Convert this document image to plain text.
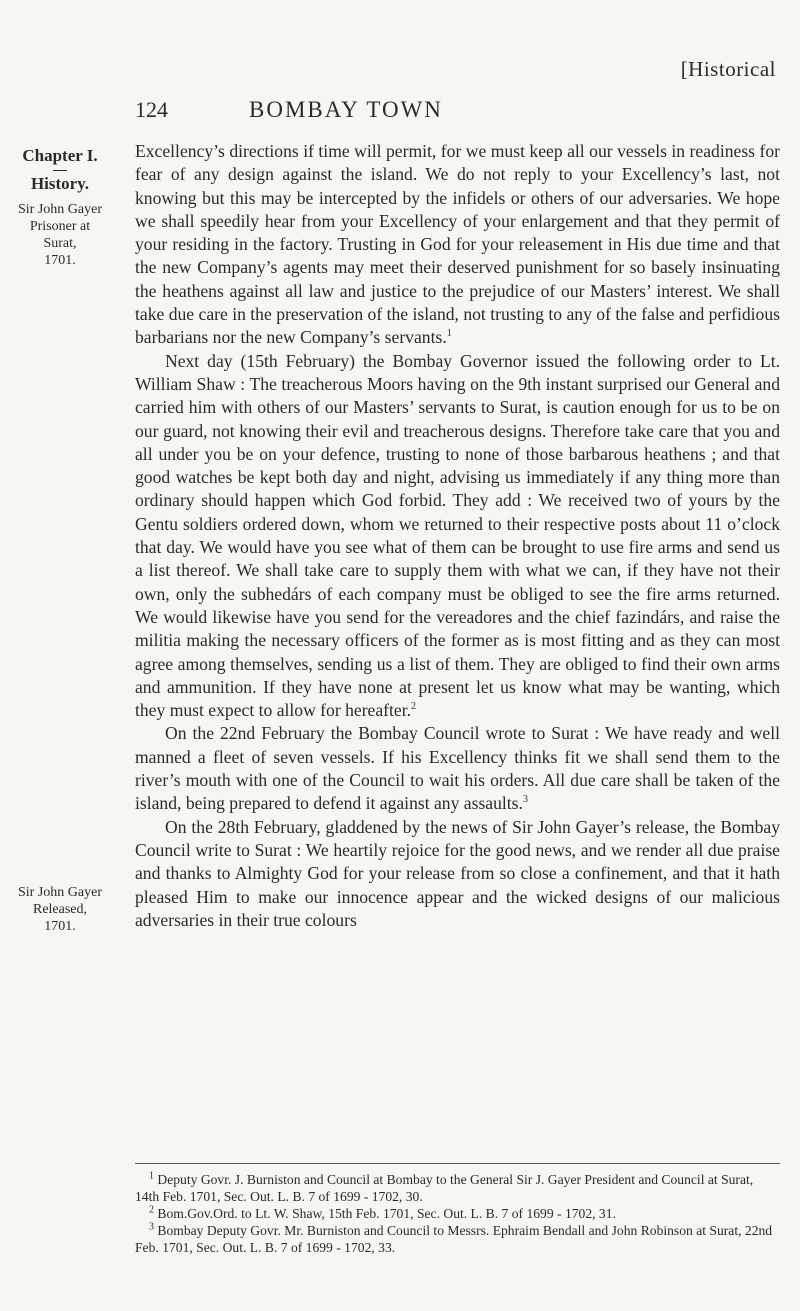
[Historical
124	BOMBAY TOWN
Chapter I.
History.
Sir John Gayer
Prisoner at
Surat,
1701.
Sir John Gayer
Released,
1701.

Excellency’s directions if time will permit, for we must keep all our vessels in readiness for fear of any design against the island. We do not reply to your Excellency’s last, not knowing but this may be intercepted by the infidels or others of our adversaries. We hope we shall speedily hear from your Excellency of your enlargement and that they permit of your residing in the factory. Trusting in God for your releasement in His due time and that the new Company’s agents may meet their deserved punishment for so basely insinuating the heathens against all law and justice to the prejudice of our Masters’ interest. We shall take due care in the preservation of the island, not trusting to any of the false and perfidious barbarians nor the new Company’s servants.$^1$

Next day (15th February) the Bombay Governor issued the following order to Lt. William Shaw : The treacherous Moors having on the 9th instant surprised our General and carried him with others of our Masters’ servants to Surat, is caution enough for us to be on our guard, not knowing their evil and treacherous designs. Therefore take care that you and all under you be on your defence, trusting to none of those barbarous heathens ; and that good watches be kept both day and night, advising us immediately if any thing more than ordinary should happen which God forbid. They add : We received two of yours by the Gentu soldiers ordered down, whom we returned to their respective posts about 11 o’clock that day. We would have you see what of them can be brought to use fire arms and send us a list thereof. We shall take care to supply them with what we can, if they have not their own, only the subhedárs of each company must be obliged to see the fire arms returned. We would likewise have you send for the vereadores and the chief fazindárs, and raise the militia making the necessary officers of the former as is most fitting and as they can most agree among themselves, sending us a list of them. They are obliged to find their own arms and ammunition. If they have none at present let us know what may be wanting, which they must expect to allow for hereafter.$^2$

On the 22nd February the Bombay Council wrote to Surat : We have ready and well manned a fleet of seven vessels. If his Excellency thinks fit we shall send them to the river’s mouth with one of the Council to wait his orders. All due care shall be taken of the island, being prepared to defend it against any assaults.$^3$

On the 28th February, gladdened by the news of Sir John Gayer’s release, the Bombay Council write to Surat : We heartily rejoice for the good news, and we render all due praise and thanks to Almighty God for your release from so close a confinement, and that it hath pleased Him to make our innocence appear and the wicked designs of our malicious adversaries in their true colours

$^1$ Deputy Govr. J. Burniston and Council at Bombay to the General Sir J. Gayer President and Council at Surat, 14th Feb. 1701, Sec. Out. L. B. 7 of 1699 - 1702, 30.
$^2$ Bom.Gov.Ord. to Lt. W. Shaw, 15th Feb. 1701, Sec. Out. L. B. 7 of 1699 - 1702, 31.
$^3$ Bombay Deputy Govr. Mr. Burniston and Council to Messrs. Ephraim Bendall and John Robinson at Surat, 22nd Feb. 1701, Sec. Out. L. B. 7 of 1699 - 1702, 33.
